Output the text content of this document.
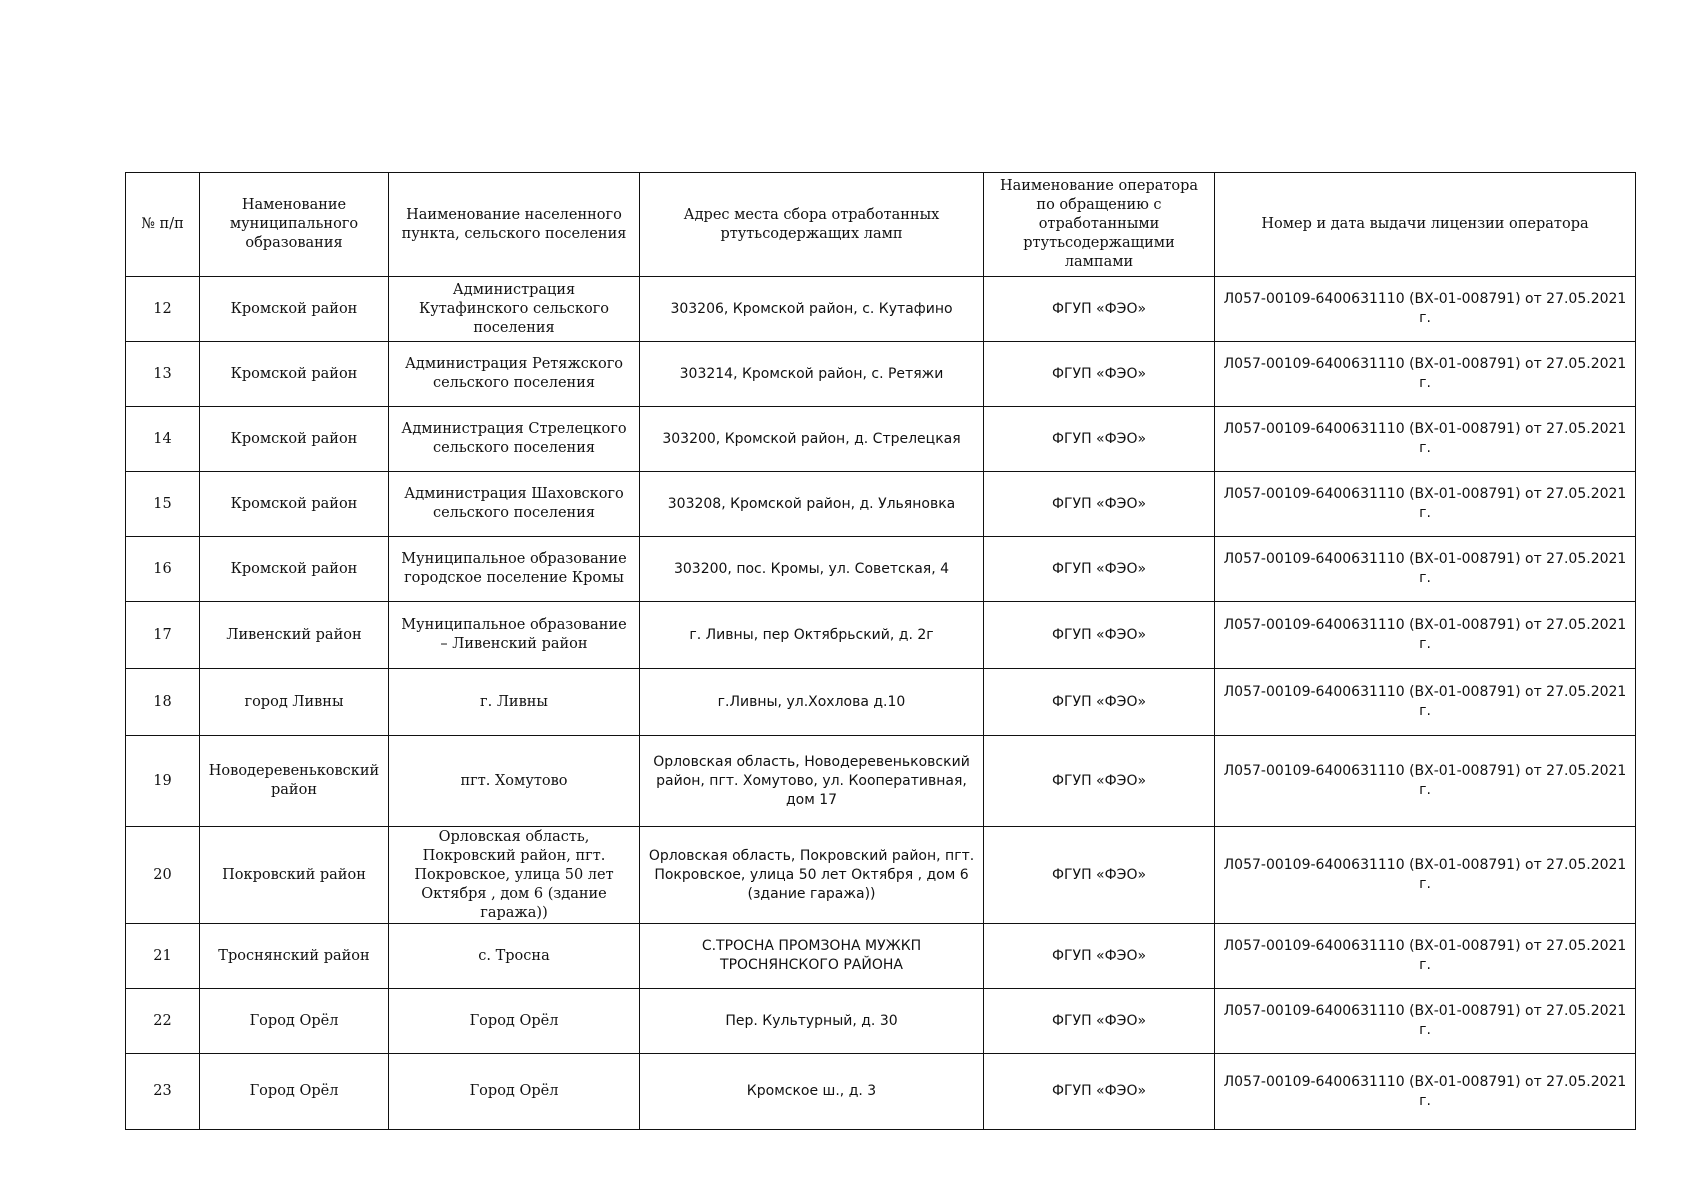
№ п/п	Наменование муниципального образования	Наименование населенного пункта, сельского поселения	Адрес места сбора отработанных ртутьсодержащих ламп	Наименование оператора по обращению с отработанными ртутьсодержащими лампами	Номер и дата выдачи лицензии оператора
12	Кромской район	Администрация Кутафинского сельского поселения	303206, Кромской район, с. Кутафино	ФГУП «ФЭО»	Л057-00109-6400631110 (ВХ-01-008791) от 27.05.2021 г.
13	Кромской район	Администрация Ретяжского сельского поселения	303214, Кромской район, с. Ретяжи	ФГУП «ФЭО»	Л057-00109-6400631110 (ВХ-01-008791) от 27.05.2021 г.
14	Кромской район	Администрация Стрелецкого сельского поселения	303200, Кромской район, д. Стрелецкая	ФГУП «ФЭО»	Л057-00109-6400631110 (ВХ-01-008791) от 27.05.2021 г.
15	Кромской район	Администрация Шаховского сельского поселения	303208, Кромской район, д. Ульяновка	ФГУП «ФЭО»	Л057-00109-6400631110 (ВХ-01-008791) от 27.05.2021 г.
16	Кромской район	Муниципальное образование городское поселение Кромы	303200, пос. Кромы, ул. Советская, 4	ФГУП «ФЭО»	Л057-00109-6400631110 (ВХ-01-008791) от 27.05.2021 г.
17	Ливенский район	Муниципальное образование – Ливенский район	г. Ливны, пер Октябрьский, д. 2г	ФГУП «ФЭО»	Л057-00109-6400631110 (ВХ-01-008791) от 27.05.2021 г.
18	город Ливны	г. Ливны	г.Ливны, ул.Хохлова д.10	ФГУП «ФЭО»	Л057-00109-6400631110 (ВХ-01-008791) от 27.05.2021 г.
19	Новодеревеньковский район	пгт. Хомутово	Орловская область, Новодеревеньковский район, пгт. Хомутово, ул. Кооперативная, дом 17	ФГУП «ФЭО»	Л057-00109-6400631110 (ВХ-01-008791) от 27.05.2021 г.
20	Покровский район	Орловская область, Покровский район, пгт. Покровское, улица 50 лет Октября , дом 6 (здание гаража))	Орловская область, Покровский район, пгт. Покровское, улица 50 лет Октября , дом 6 (здание гаража))	ФГУП «ФЭО»	Л057-00109-6400631110 (ВХ-01-008791) от 27.05.2021 г.
21	Троснянский район	с. Тросна	С.ТРОСНА ПРОМЗОНА МУЖКП ТРОСНЯНСКОГО РАЙОНА	ФГУП «ФЭО»	Л057-00109-6400631110 (ВХ-01-008791) от 27.05.2021 г.
22	Город Орёл	Город Орёл	Пер. Культурный, д. 30	ФГУП «ФЭО»	Л057-00109-6400631110 (ВХ-01-008791) от 27.05.2021 г.
23	Город Орёл	Город Орёл	Кромское ш., д. 3	ФГУП «ФЭО»	Л057-00109-6400631110 (ВХ-01-008791) от 27.05.2021 г.
